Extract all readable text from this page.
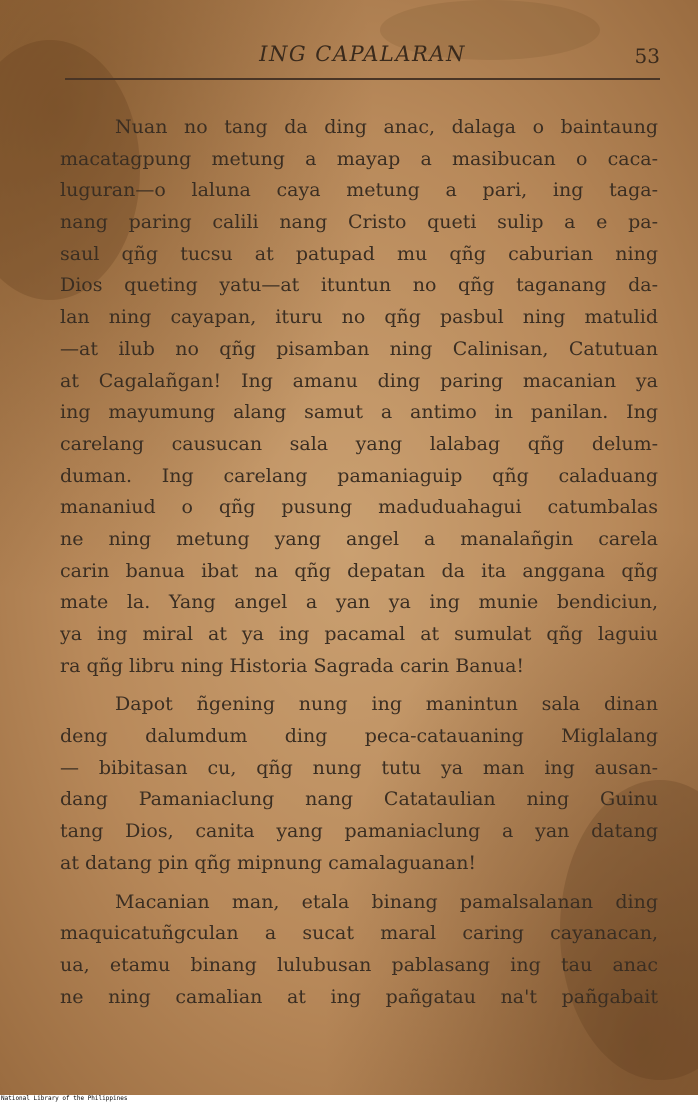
ING CAPALARAN	53

Nuan no tang da ding anac, dalaga o baintaung
macatagpung metung a mayap a masibucan o caca-
luguran—o laluna caya metung a pari, ing taga-
nang paring calili nang Cristo queti sulip a e pa-
saul qñg tucsu at patupad mu qñg caburian ning
Dios queting yatu—at ituntun no qñg taganang da-
lan ning cayapan, ituru no qñg pasbul ning matulid
—at ilub no qñg pisamban ning Calinisan, Catutuan
at Cagalañgan! Ing amanu ding paring macanian ya
ing mayumung alang samut a antimo in panilan. Ing
carelang causucan sala yang lalabag qñg delum-
duman. Ing carelang pamaniaguip qñg caladuang
mananiud o qñg pusung maduduahagui catumbalas
ne ning metung yang angel a manalañgin carela
carin banua ibat na qñg depatan da ita anggana qñg
mate la. Yang angel a yan ya ing munie bendiciun,
ya ing miral at ya ing pacamal at sumulat qñg laguiu
ra qñg libru ning Historia Sagrada carin Banua!

Dapot ñgening nung ing manintun sala dinan
deng dalumdum ding peca-catauaning Miglalang
— bibitasan cu, qñg nung tutu ya man ing ausan-
dang Pamaniaclung nang Catataulian ning Guinu
tang Dios, canita yang pamaniaclung a yan datang
at datang pin qñg mipnung camalaguanan!

Macanian man, etala binang pamalsalanan ding
maquicatuñgculan a sucat maral caring cayanacan,
ua, etamu binang lulubusan pablasang ing tau anac
ne ning camalian at ing pañgatau na't pañgabait

National Library of the Philippines
